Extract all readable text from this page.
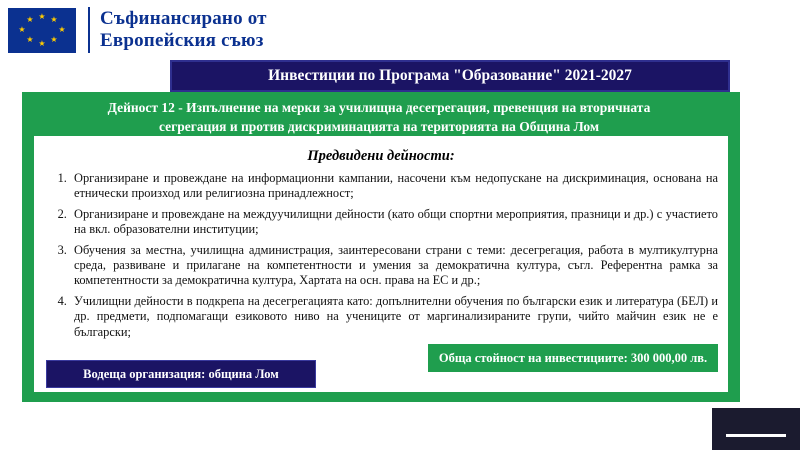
★ ★
★
★
★
★
★
★	Съфинансирано от
Европейския съюз
Инвестиции по Програма "Образование" 2021-2027
Дейност 12 - Изпълнение на мерки за училищна десегрегация, превенция на вторичната
сегрегация и против дискриминацията на територията на Община Лом
Предвидени дейности:
1. Организиране и провеждане на информационни кампании, насочени към недопускане на дискриминация, основана на етнически произход или религиозна принадлежност;
2. Организиране и провеждане на междуучилищни дейности (като общи спортни мероприятия, празници и др.) с участието на вкл. образователни институции;
3. Обучения за местна, училищна администрация, заинтересовани страни с теми: десегрегация, работа в мултикултурна среда, развиване и прилагане на компетентности и умения за демократична култура, съгл. Референтна рамка за компетентности за демократична култура, Хартата на осн. права на ЕС и др.;
4. Училищни дейности в подкрепа на десегрегацията като: допълнителни обучения по български език и литература (БЕЛ) и др. предмети, подпомагащи езиковото ниво на учениците от маргинализираните групи, чийто майчин език не е български;
Обща стойност на инвестициите: 300 000,00 лв.
Водеща организация: община Лом
